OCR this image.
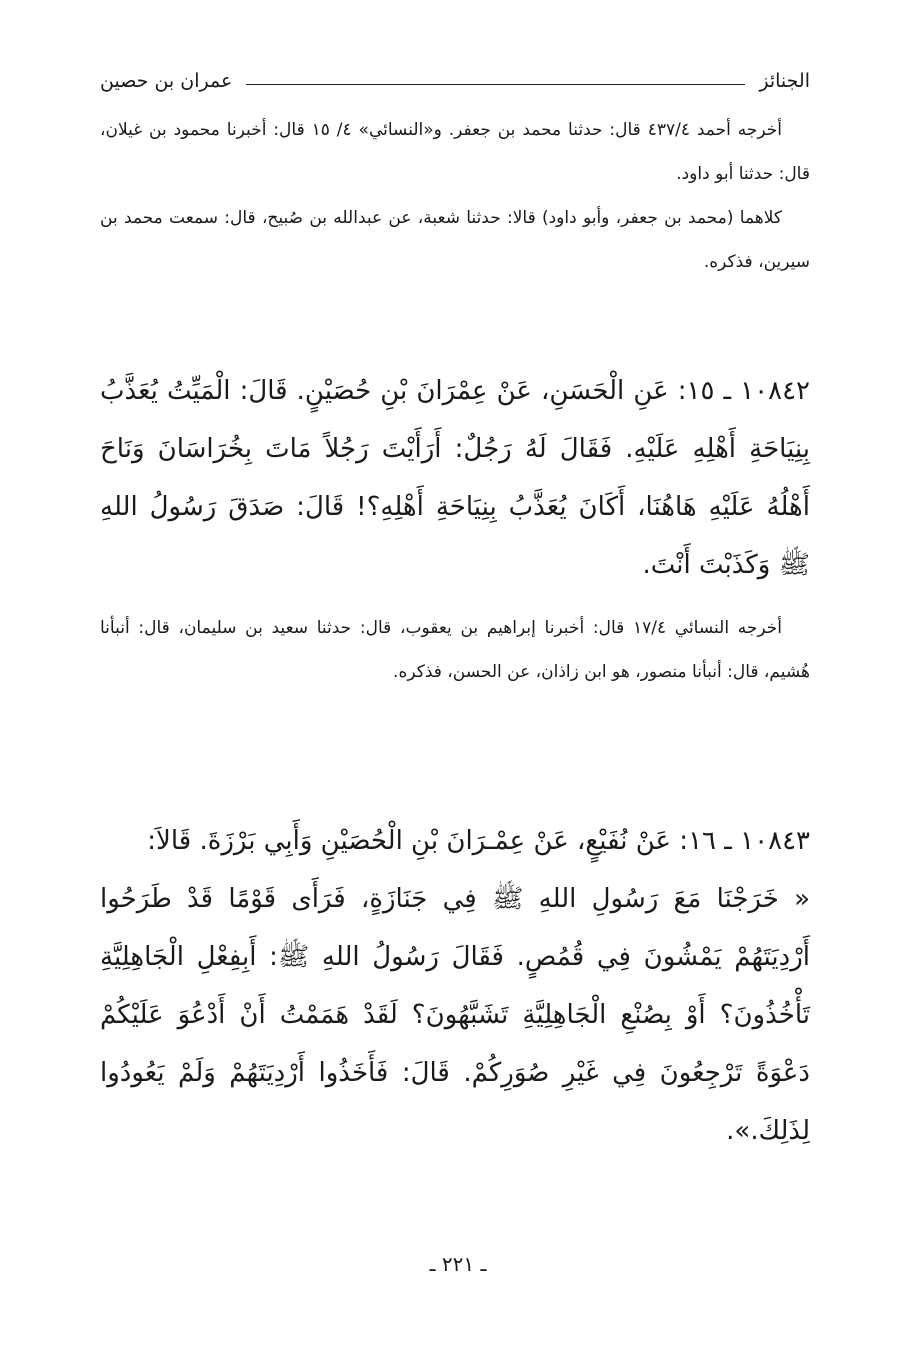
الجنائز
عمران بن حصين

أخرجه أحمد ٤٣٧/٤ قال: حدثنا محمد بن جعفر. و«النسائي» ٤/ ١٥ قال: أخبرنا محمود بن غيلان، قال: حدثنا أبو داود.

كلاهما (محمد بن جعفر، وأبو داود) قالا: حدثنا شعبة، عن عبدالله بن صُبيح، قال: سمعت محمد بن سيرين، فذكره.

١٠٨٤٢ ـ ١٥: عَنِ الْحَسَنِ، عَنْ عِمْرَانَ بْنِ حُصَيْنٍ. قَالَ: الْمَيِّتُ يُعَذَّبُ بِنِيَاحَةِ أَهْلِهِ عَلَيْهِ. فَقَالَ لَهُ رَجُلٌ: أَرَأَيْتَ رَجُلاً مَاتَ بِخُرَاسَانَ وَنَاحَ أَهْلُهُ عَلَيْهِ هَاهُنَا، أَكَانَ يُعَذَّبُ بِنِيَاحَةِ أَهْلِهِ؟! قَالَ: صَدَقَ رَسُولُ اللهِ ﷺ وَكَذَبْتَ أَنْتَ.

أخرجه النسائي ١٧/٤ قال: أخبرنا إبراهيم بن يعقوب، قال: حدثنا سعيد بن سليمان، قال: أنبأنا هُشيم، قال: أنبأنا منصور، هو ابن زاذان، عن الحسن، فذكره.

١٠٨٤٣ ـ ١٦: عَنْ نُفَيْعٍ، عَنْ عِمْـرَانَ بْنِ الْحُصَيْنِ وَأَبِي بَرْزَةَ. قَالاَ:

« خَرَجْنَا مَعَ رَسُولِ اللهِ ﷺ فِي جَنَازَةٍ، فَرَأَى قَوْمًا قَدْ طَرَحُوا أَرْدِيَتَهُمْ يَمْشُونَ فِي قُمُصٍ. فَقَالَ رَسُولُ اللهِ ﷺ: أَبِفِعْلِ الْجَاهِلِيَّةِ تَأْخُذُونَ؟ أَوْ بِصُنْعِ الْجَاهِلِيَّةِ تَشَبَّهُونَ؟ لَقَدْ هَمَمْتُ أَنْ أَدْعُوَ عَلَيْكُمْ دَعْوَةً تَرْجِعُونَ فِي غَيْرِ صُوَرِكُمْ. قَالَ: فَأَخَذُوا أَرْدِيَتَهُمْ وَلَمْ يَعُودُوا لِذَلِكَ.».

ـ ٢٢١ ـ
